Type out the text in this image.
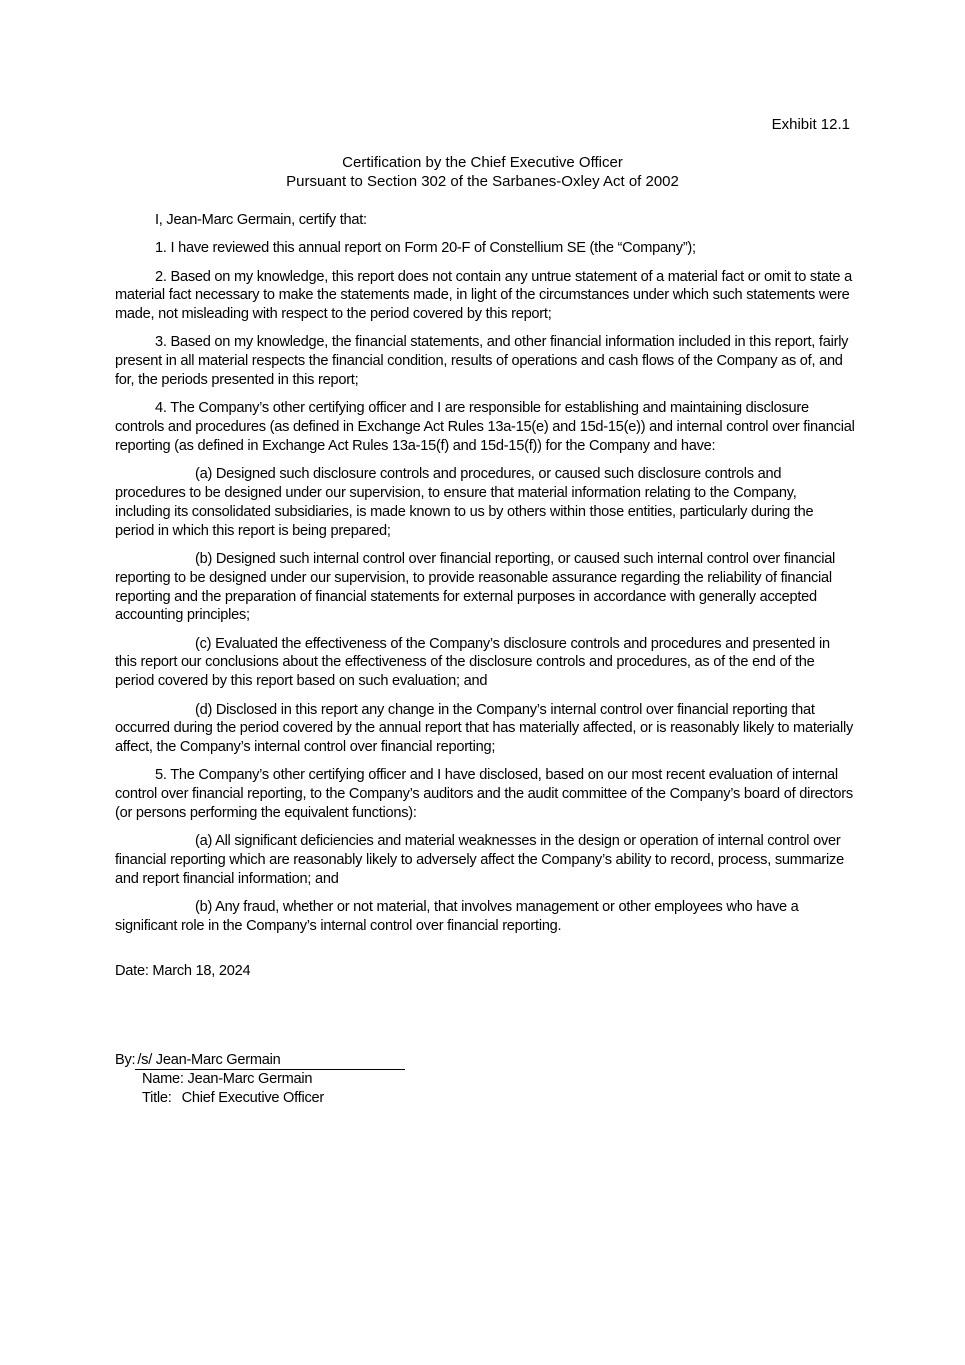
Exhibit 12.1
Certification by the Chief Executive Officer
Pursuant to Section 302 of the Sarbanes-Oxley Act of 2002

I, Jean-Marc Germain, certify that:

1. I have reviewed this annual report on Form 20-F of Constellium SE (the “Company”);

2. Based on my knowledge, this report does not contain any untrue statement of a material fact or omit to state a material fact necessary to make the statements made, in light of the circumstances under which such statements were made, not misleading with respect to the period covered by this report;

3. Based on my knowledge, the financial statements, and other financial information included in this report, fairly present in all material respects the financial condition, results of operations and cash flows of the Company as of, and for, the periods presented in this report;

4. The Company’s other certifying officer and I are responsible for establishing and maintaining disclosure controls and procedures (as defined in Exchange Act Rules 13a-15(e) and 15d-15(e)) and internal control over financial reporting (as defined in Exchange Act Rules 13a-15(f) and 15d-15(f)) for the Company and have:

(a) Designed such disclosure controls and procedures, or caused such disclosure controls and procedures to be designed under our supervision, to ensure that material information relating to the Company, including its consolidated subsidiaries, is made known to us by others within those entities, particularly during the period in which this report is being prepared;

(b) Designed such internal control over financial reporting, or caused such internal control over financial reporting to be designed under our supervision, to provide reasonable assurance regarding the reliability of financial reporting and the preparation of financial statements for external purposes in accordance with generally accepted accounting principles;

(c) Evaluated the effectiveness of the Company’s disclosure controls and procedures and presented in this report our conclusions about the effectiveness of the disclosure controls and procedures, as of the end of the period covered by this report based on such evaluation; and

(d) Disclosed in this report any change in the Company’s internal control over financial reporting that occurred during the period covered by the annual report that has materially affected, or is reasonably likely to materially affect, the Company’s internal control over financial reporting;

5. The Company’s other certifying officer and I have disclosed, based on our most recent evaluation of internal control over financial reporting, to the Company’s auditors and the audit committee of the Company’s board of directors (or persons performing the equivalent functions):

(a) All significant deficiencies and material weaknesses in the design or operation of internal control over financial reporting which are reasonably likely to adversely affect the Company’s ability to record, process, summarize and report financial information; and

(b) Any fraud, whether or not material, that involves management or other employees who have a significant role in the Company’s internal control over financial reporting.

Date: March 18, 2024
By: /s/ Jean-Marc Germain
Name: Jean-Marc Germain
Title: Chief Executive Officer
